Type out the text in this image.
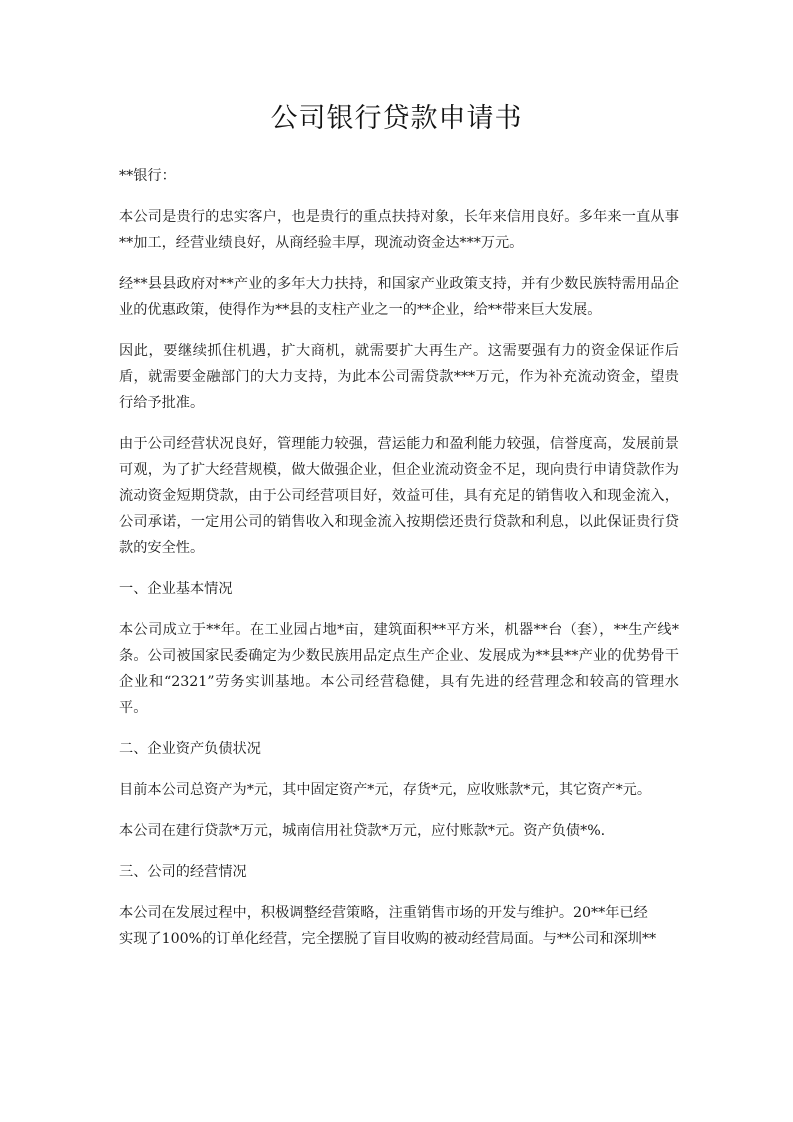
公司银行贷款申请书

**银行：

本公司是贵行的忠实客户，也是贵行的重点扶持对象，长年来信用良好。多年来一直从事**加工，经营业绩良好，从商经验丰厚，现流动资金达***万元。

经**县县政府对**产业的多年大力扶持，和国家产业政策支持，并有少数民族特需用品企业的优惠政策，使得作为**县的支柱产业之一的**企业，给**带来巨大发展。

因此，要继续抓住机遇，扩大商机，就需要扩大再生产。这需要强有力的资金保证作后盾，就需要金融部门的大力支持，为此本公司需贷款***万元，作为补充流动资金，望贵行给予批准。

由于公司经营状况良好，管理能力较强，营运能力和盈利能力较强，信誉度高，发展前景可观，为了扩大经营规模，做大做强企业，但企业流动资金不足，现向贵行申请贷款作为流动资金短期贷款，由于公司经营项目好，效益可佳，具有充足的销售收入和现金流入，公司承诺，一定用公司的销售收入和现金流入按期偿还贵行贷款和利息，以此保证贵行贷款的安全性。

一、企业基本情况

本公司成立于**年。在工业园占地*亩，建筑面积**平方米，机器**台（套），**生产线*条。公司被国家民委确定为少数民族用品定点生产企业、发展成为**县**产业的优势骨干企业和“2321”劳务实训基地。本公司经营稳健，具有先进的经营理念和较高的管理水平。

二、企业资产负债状况

目前本公司总资产为*元，其中固定资产*元，存货*元，应收账款*元，其它资产*元。

本公司在建行贷款*万元，城南信用社贷款*万元，应付账款*元。资产负债*%.

三、公司的经营情况

本公司在发展过程中，积极调整经营策略，注重销售市场的开发与维护。20**年已经
实现了100%的订单化经营，完全摆脱了盲目收购的被动经营局面。与**公司和深圳**
